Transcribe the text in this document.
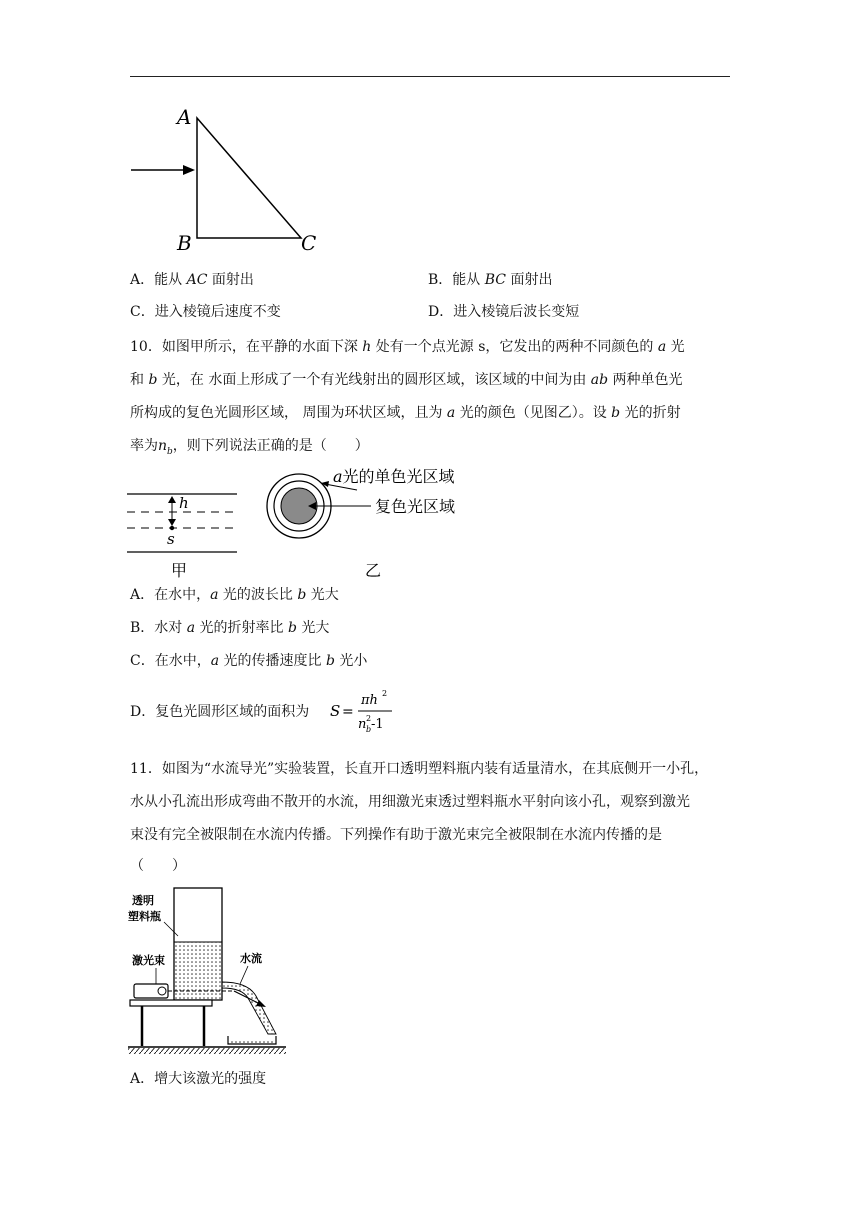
A
B	C
A．能从 AC 面射出	B．能从 BC 面射出
C．进入棱镜后速度不变	D．进入棱镜后波长变短
10．如图甲所示，在平静的水面下深 h 处有一个点光源 s，它发出的两种不同颜色的 a 光
和 b 光，在 水面上形成了一个有光线射出的圆形区域，该区域的中间为由 ab 两种单色光
所构成的复色光圆形区域， 周围为环状区域，且为 a 光的颜色（见图乙）。设 b 光的折射
率为$n_b$，则下列说法正确的是（　　）
h
s
甲
a光的单色光区域
复色光区域
乙
A．在水中，a 光的波长比 b 光大
B．水对 a 光的折射率比 b 光大
C．在水中，a 光的传播速度比 b 光小
D．复色光圆形区域的面积为 S =
πh 2
n 2
b -1
11．如图为“水流导光”实验装置，长直开口透明塑料瓶内装有适量清水，在其底侧开一小孔，
水从小孔流出形成弯曲不散开的水流，用细激光束透过塑料瓶水平射向该小孔，观察到激光
束没有完全被限制在水流内传播。下列操作有助于激光束完全被限制在水流内传播的是
（　　）
透明
塑料瓶
激光束	水流
A．增大该激光的强度
